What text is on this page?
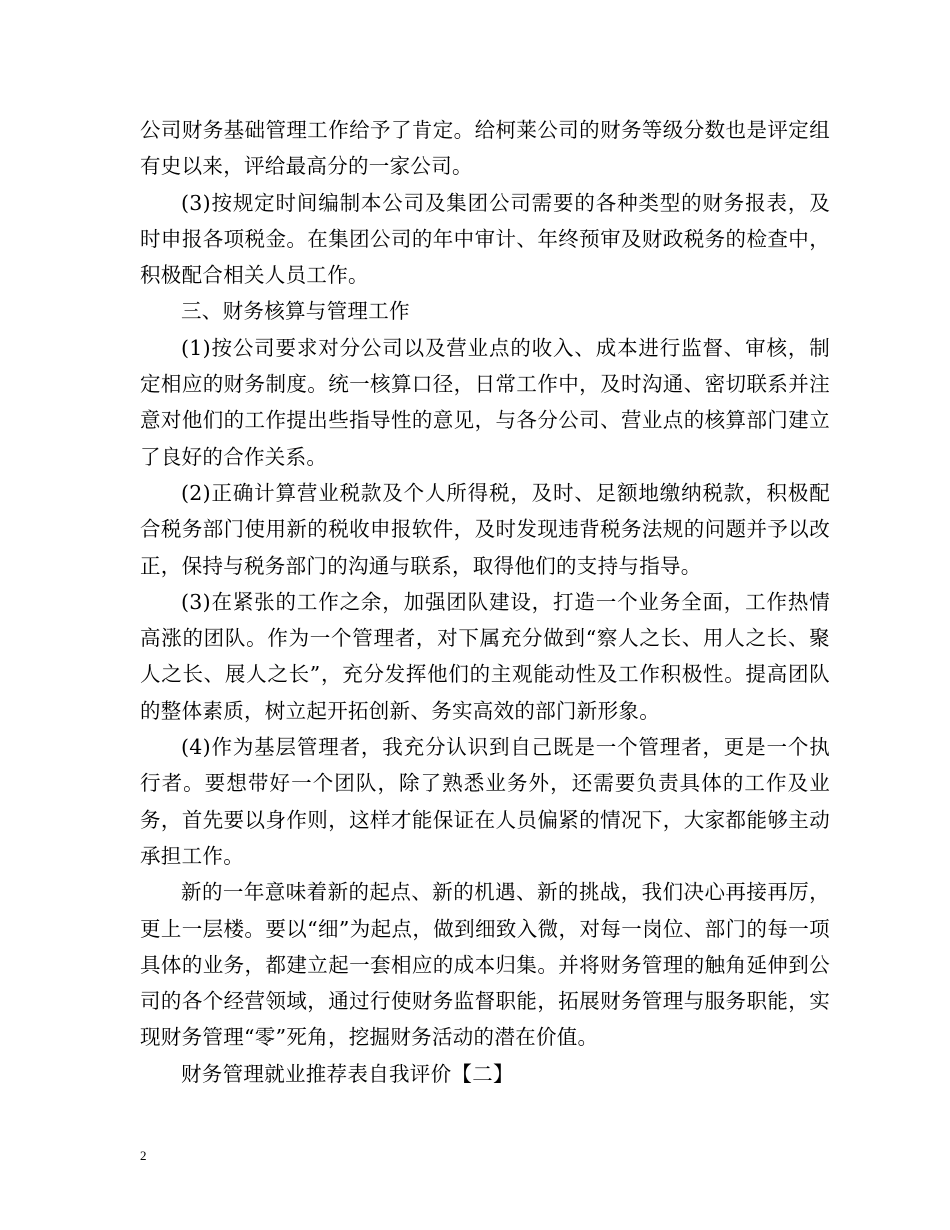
公司财务基础管理工作给予了肯定。给柯莱公司的财务等级分数也是评定组有史以来，评给最高分的一家公司。

(3)按规定时间编制本公司及集团公司需要的各种类型的财务报表，及时申报各项税金。在集团公司的年中审计、年终预审及财政税务的检查中，积极配合相关人员工作。

三、财务核算与管理工作

(1)按公司要求对分公司以及营业点的收入、成本进行监督、审核，制定相应的财务制度。统一核算口径，日常工作中，及时沟通、密切联系并注意对他们的工作提出些指导性的意见，与各分公司、营业点的核算部门建立了良好的合作关系。

(2)正确计算营业税款及个人所得税，及时、足额地缴纳税款，积极配合税务部门使用新的税收申报软件，及时发现违背税务法规的问题并予以改正，保持与税务部门的沟通与联系，取得他们的支持与指导。

(3)在紧张的工作之余，加强团队建设，打造一个业务全面，工作热情高涨的团队。作为一个管理者，对下属充分做到“察人之长、用人之长、聚人之长、展人之长”，充分发挥他们的主观能动性及工作积极性。提高团队的整体素质，树立起开拓创新、务实高效的部门新形象。

(4)作为基层管理者，我充分认识到自己既是一个管理者，更是一个执行者。要想带好一个团队，除了熟悉业务外，还需要负责具体的工作及业务，首先要以身作则，这样才能保证在人员偏紧的情况下，大家都能够主动承担工作。

新的一年意味着新的起点、新的机遇、新的挑战，我们决心再接再厉，更上一层楼。要以“细”为起点，做到细致入微，对每一岗位、部门的每一项具体的业务，都建立起一套相应的成本归集。并将财务管理的触角延伸到公司的各个经营领域，通过行使财务监督职能，拓展财务管理与服务职能，实现财务管理“零”死角，挖掘财务活动的潜在价值。

财务管理就业推荐表自我评价【二】

2
